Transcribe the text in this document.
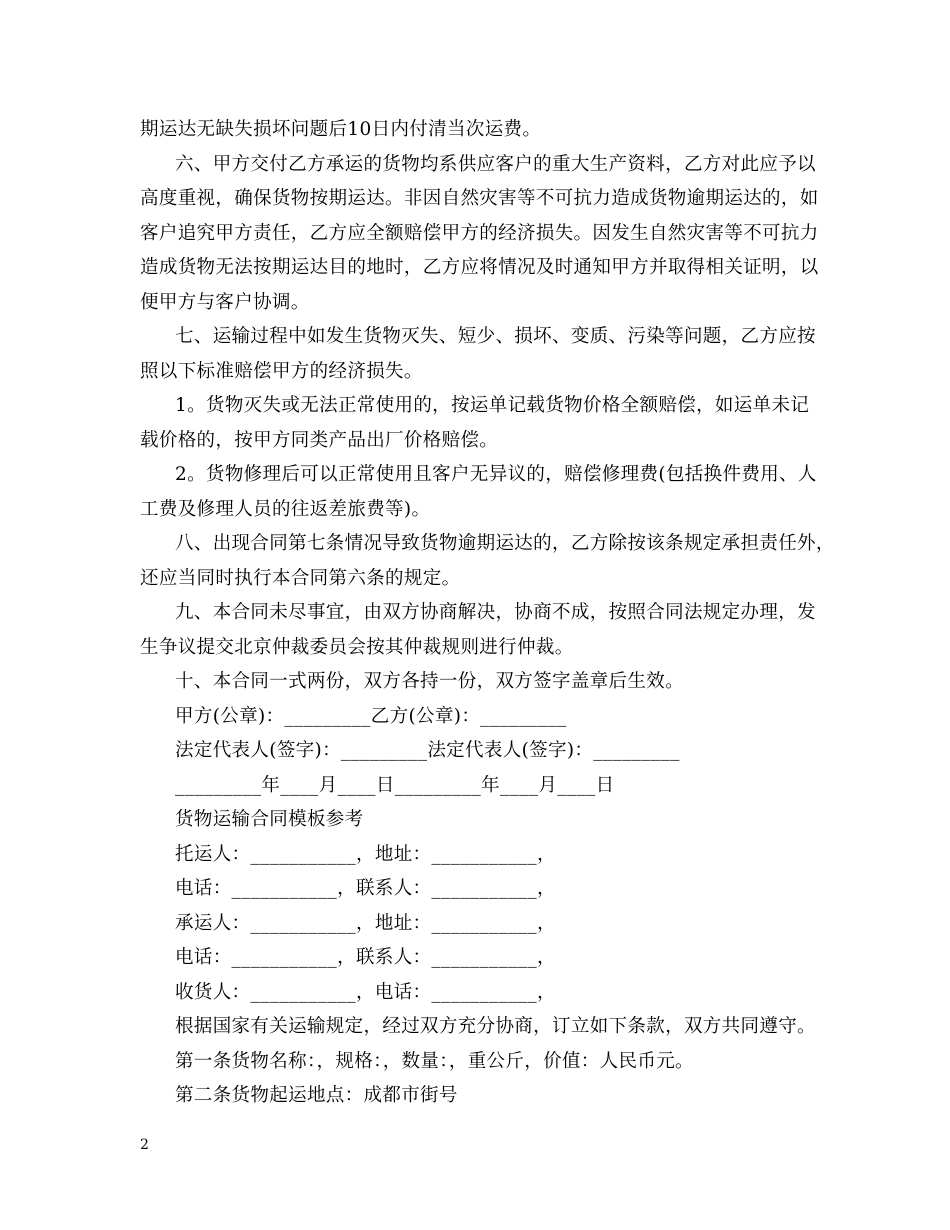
期运达无缺失损坏问题后10日内付清当次运费。
六、甲方交付乙方承运的货物均系供应客户的重大生产资料，乙方对此应予以
高度重视，确保货物按期运达。非因自然灾害等不可抗力造成货物逾期运达的，如
客户追究甲方责任，乙方应全额赔偿甲方的经济损失。因发生自然灾害等不可抗力
造成货物无法按期运达目的地时，乙方应将情况及时通知甲方并取得相关证明，以
便甲方与客户协调。
七、运输过程中如发生货物灭失、短少、损坏、变质、污染等问题，乙方应按
照以下标准赔偿甲方的经济损失。
1。货物灭失或无法正常使用的，按运单记载货物价格全额赔偿，如运单未记
载价格的，按甲方同类产品出厂价格赔偿。
2。货物修理后可以正常使用且客户无异议的，赔偿修理费(包括换件费用、人
工费及修理人员的往返差旅费等)。
八、出现合同第七条情况导致货物逾期运达的，乙方除按该条规定承担责任外，
还应当同时执行本合同第六条的规定。
九、本合同未尽事宜，由双方协商解决，协商不成，按照合同法规定办理，发
生争议提交北京仲裁委员会按其仲裁规则进行仲裁。
十、本合同一式两份，双方各持一份，双方签字盖章后生效。
甲方(公章)：_________乙方(公章)：_________
法定代表人(签字)：_________法定代表人(签字)：_________
_________年____月____日_________年____月____日
货物运输合同模板参考
托运人：___________，地址：___________，
电话：___________，联系人：___________，
承运人：___________，地址：___________，
电话：___________，联系人：___________，
收货人：___________，电话：___________，
根据国家有关运输规定，经过双方充分协商，订立如下条款，双方共同遵守。
第一条货物名称：，规格：，数量：，重公斤，价值：人民币元。
第二条货物起运地点：成都市街号
2
